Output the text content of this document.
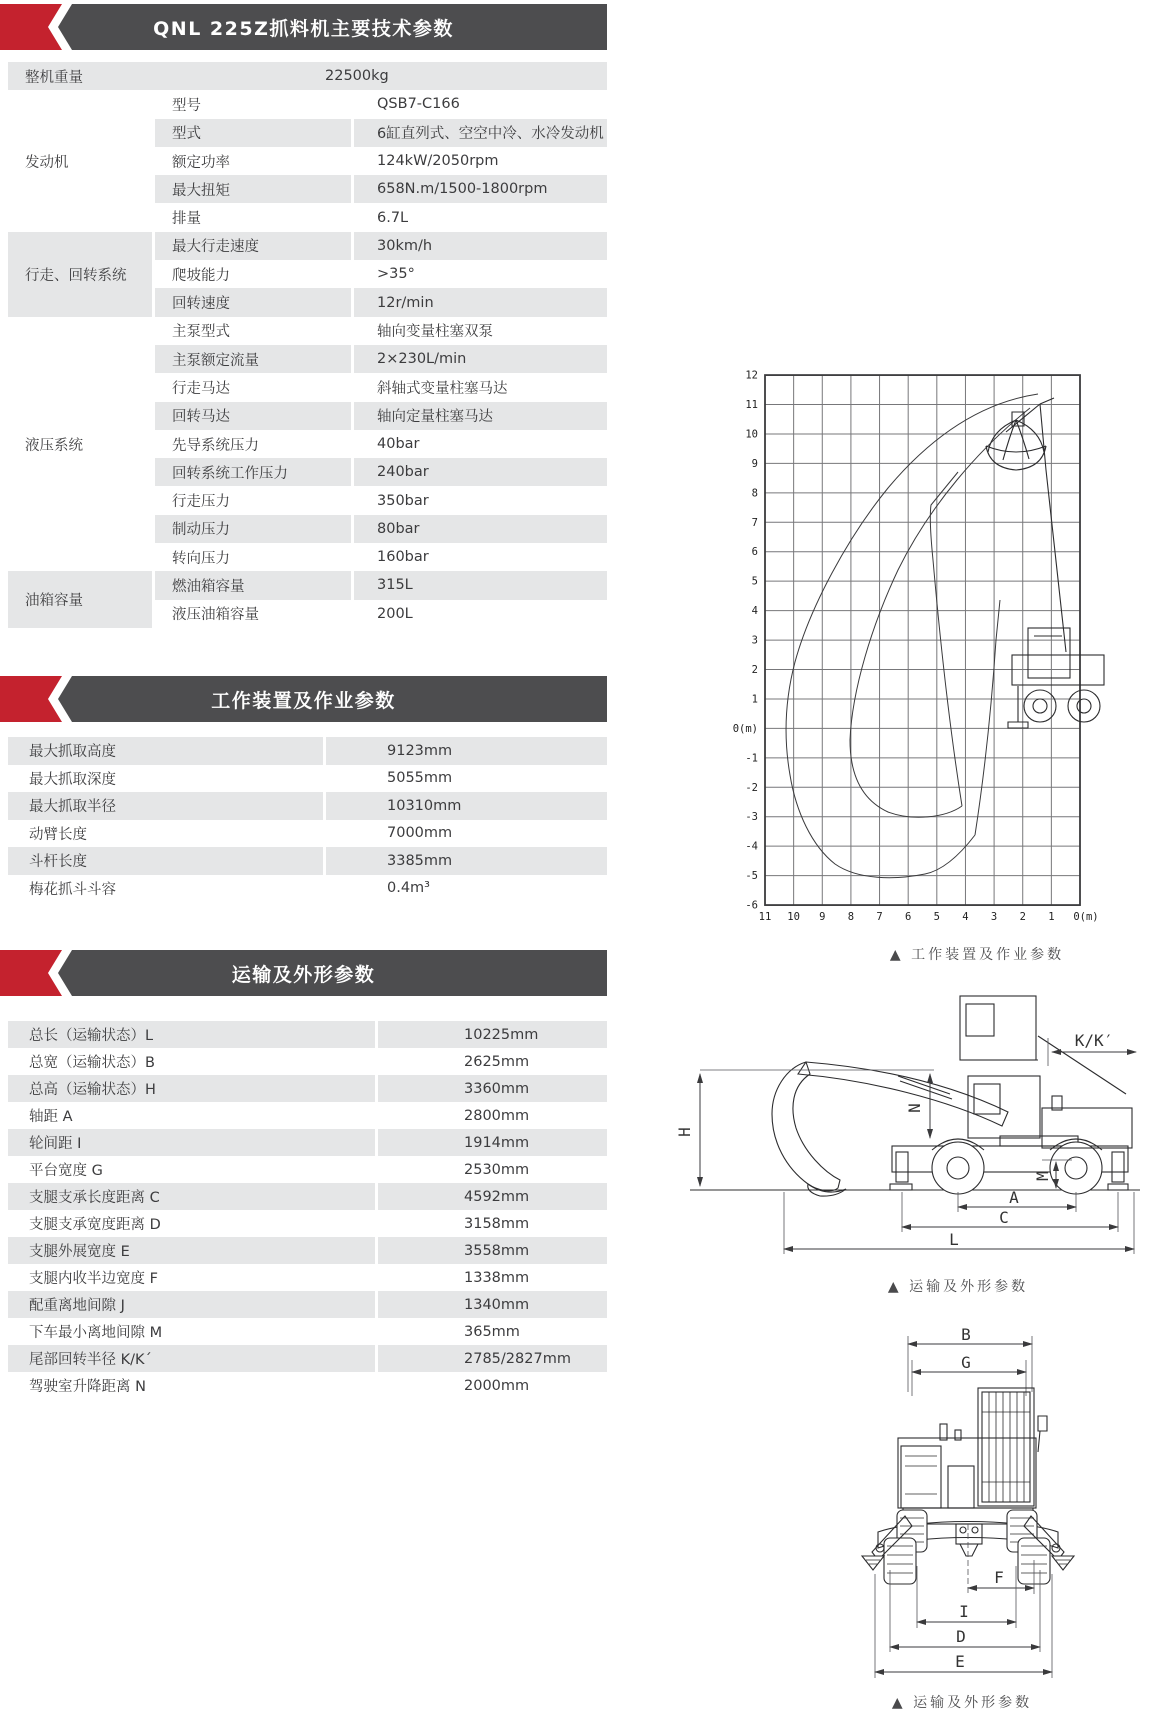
QNL 225Z抓料机主要技术参数
整机重量	22500kg
发动机
型号	QSB7-C166
型式	6缸直列式、空空中冷、水冷发动机
额定功率	124kW/2050rpm
最大扭矩	658N.m/1500-1800rpm
排量	6.7L
行走、回转系统
最大行走速度	30km/h
爬坡能力	>35°
回转速度	12r/min
液压系统
主泵型式	轴向变量柱塞双泵
主泵额定流量	2×230L/min
行走马达	斜轴式变量柱塞马达
回转马达	轴向定量柱塞马达
先导系统压力	40bar
回转系统工作压力	240bar
行走压力	350bar
制动压力	80bar
转向压力	160bar
油箱容量
燃油箱容量	315L
液压油箱容量	200L
工作装置及作业参数
最大抓取高度	9123mm
最大抓取深度	5055mm
最大抓取半径	10310mm
动臂长度	7000mm
斗杆长度	3385mm
梅花抓斗斗容	0.4m³
运输及外形参数
总长（运输状态）L	10225mm
总宽（运输状态）B	2625mm
总高（运输状态）H	3360mm
轴距 A	2800mm
轮间距 I	1914mm
平台宽度 G	2530mm
支腿支承长度距离 C	4592mm
支腿支承宽度距离 D	3158mm
支腿外展宽度 E	3558mm
支腿内收半边宽度 F	1338mm
配重离地间隙 J	1340mm
下车最小离地间隙 M	365mm
尾部回转半径 K/K´	2785/2827mm
驾驶室升降距离 N	2000mm
12
11
10
9
8
7
6
5
4
3
2
1
0(m)
-1
-2
-3
-4
-5
-6
11 10 9 8 7 6 5 4 3 2 1 0(m)
▲ 工作装置及作业参数
H
K/K′
N
M
A
C
L
▲ 运输及外形参数
B
G
F
I
D
E
▲ 运输及外形参数
